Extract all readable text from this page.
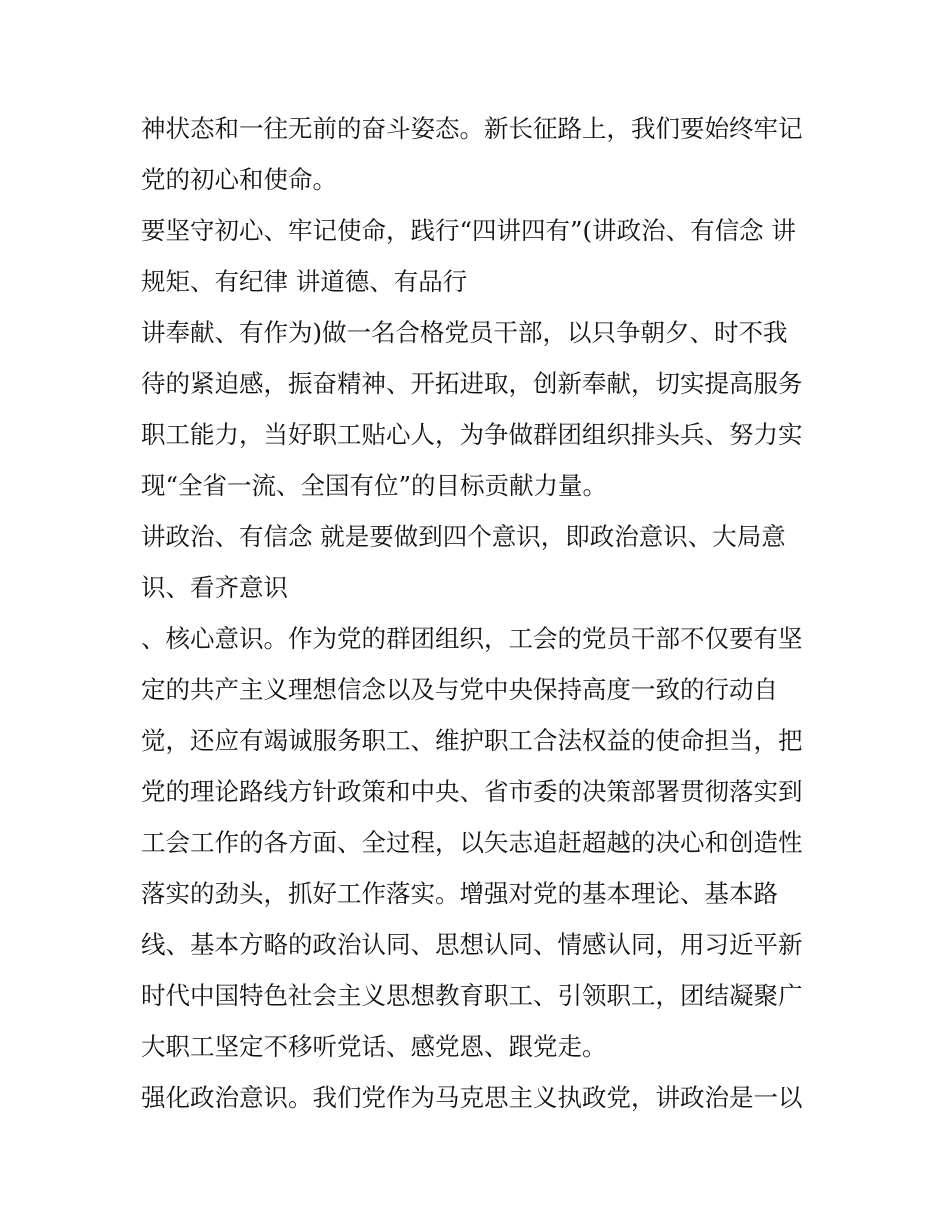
神状态和一往无前的奋斗姿态。新长征路上，我们要始终牢记
党的初心和使命。
要坚守初心、牢记使命，践行“四讲四有”(讲政治、有信念 讲
规矩、有纪律 讲道德、有品行
讲奉献、有作为)做一名合格党员干部，以只争朝夕、时不我
待的紧迫感，振奋精神、开拓进取，创新奉献，切实提高服务
职工能力，当好职工贴心人，为争做群团组织排头兵、努力实
现“全省一流、全国有位”的目标贡献力量。
讲政治、有信念 就是要做到四个意识，即政治意识、大局意
识、看齐意识
、核心意识。作为党的群团组织，工会的党员干部不仅要有坚
定的共产主义理想信念以及与党中央保持高度一致的行动自
觉，还应有竭诚服务职工、维护职工合法权益的使命担当，把
党的理论路线方针政策和中央、省市委的决策部署贯彻落实到
工会工作的各方面、全过程，以矢志追赶超越的决心和创造性
落实的劲头，抓好工作落实。增强对党的基本理论、基本路
线、基本方略的政治认同、思想认同、情感认同，用习近平新
时代中国特色社会主义思想教育职工、引领职工，团结凝聚广
大职工坚定不移听党话、感党恩、跟党走。
强化政治意识。我们党作为马克思主义执政党，讲政治是一以
